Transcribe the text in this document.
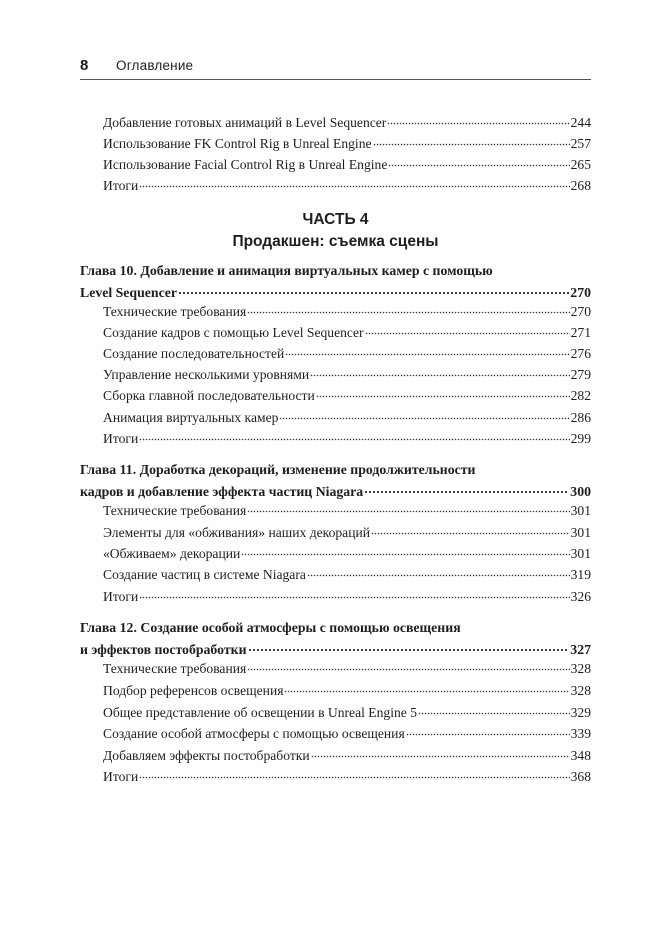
8 Оглавление
Добавление готовых анимаций в Level Sequencer	244
Использование FK Control Rig в Unreal Engine	257
Использование Facial Control Rig в Unreal Engine	265
Итоги	268
ЧАСТЬ 4
Продакшен: съемка сцены
Глава 10. Добавление и анимация виртуальных камер с помощью
Level Sequencer	270
Технические требования	270
Создание кадров с помощью Level Sequencer	271
Создание последовательностей	276
Управление несколькими уровнями	279
Сборка главной последовательности	282
Анимация виртуальных камер	286
Итоги	299
Глава 11. Доработка декораций, изменение продолжительности
кадров и добавление эффекта частиц Niagara	300
Технические требования	301
Элементы для «обживания» наших декораций	301
«Обживаем» декорации	301
Создание частиц в системе Niagara	319
Итоги	326
Глава 12. Создание особой атмосферы с помощью освещения
и эффектов постобработки	327
Технические требования	328
Подбор референсов освещения	328
Общее представление об освещении в Unreal Engine 5	329
Создание особой атмосферы с помощью освещения	339
Добавляем эффекты постобработки	348
Итоги	368
